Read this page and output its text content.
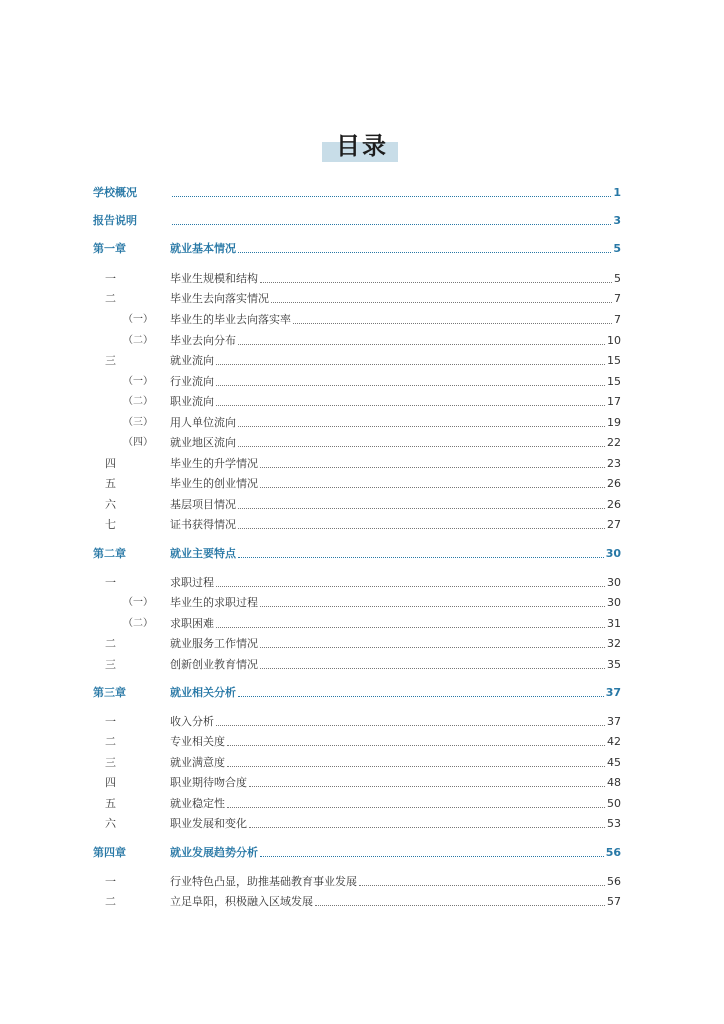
目录
学校概况	1
报告说明	3
第一章	就业基本情况	5
一	毕业生规模和结构	5
二	毕业生去向落实情况	7
（一） 毕业生的毕业去向落实率	7
（二） 毕业去向分布	10
三	就业流向	15
（一） 行业流向	15
（二） 职业流向	17
（三） 用人单位流向	19
（四） 就业地区流向	22
四	毕业生的升学情况	23
五	毕业生的创业情况	26
六	基层项目情况	26
七	证书获得情况	27
第二章	就业主要特点	30
一	求职过程	30
（一） 毕业生的求职过程	30
（二） 求职困难	31
二	就业服务工作情况	32
三	创新创业教育情况	35
第三章	就业相关分析	37
一	收入分析	37
二	专业相关度	42
三	就业满意度	45
四	职业期待吻合度	48
五	就业稳定性	50
六	职业发展和变化	53
第四章	就业发展趋势分析	56
一	行业特色凸显，助推基础教育事业发展	56
二	立足阜阳，积极融入区域发展	57
